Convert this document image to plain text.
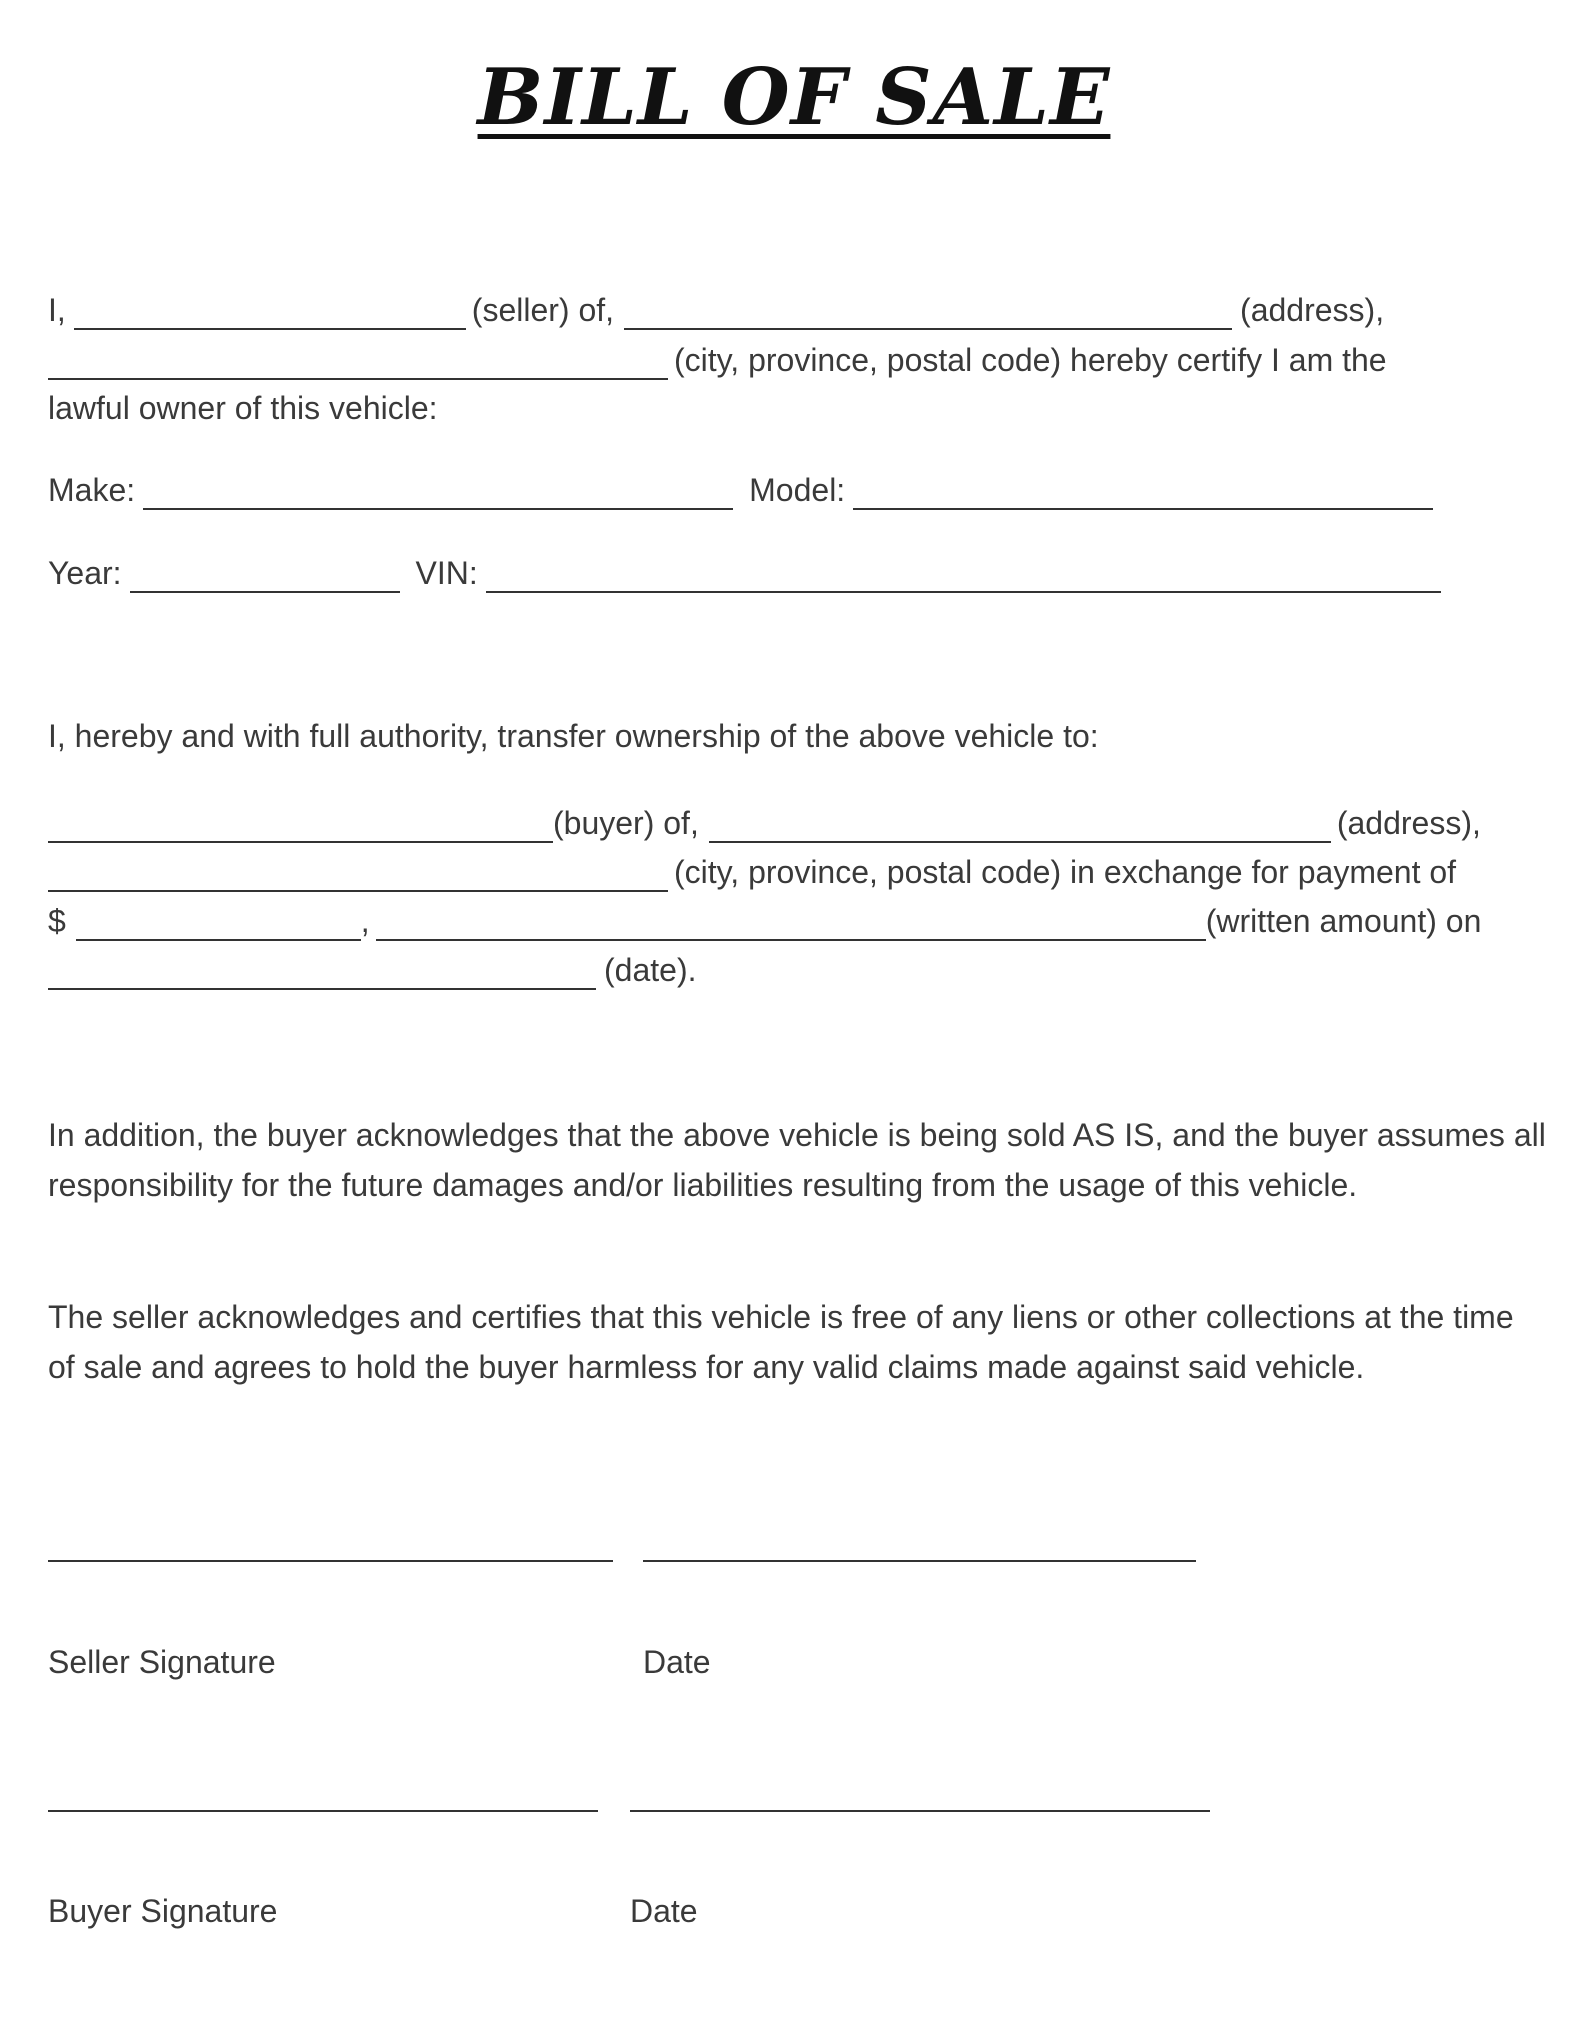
BILL OF SALE
I,	(seller) of,	(address),
(city, province, postal code) hereby certify I am the
lawful owner of this vehicle:
Make:	Model:
Year:	VIN:
I, hereby and with full authority, transfer ownership of the above vehicle to:
(buyer) of,	(address),
(city, province, postal code) in exchange for payment of
$	,	(written amount) on
(date).
In addition, the buyer acknowledges that the above vehicle is being sold AS IS, and the buyer assumes all responsibility for the future damages and/or liabilities resulting from the usage of this vehicle.
The seller acknowledges and certifies that this vehicle is free of any liens or other collections at the time of sale and agrees to hold the buyer harmless for any valid claims made against said vehicle.
Seller Signature	Date
Buyer Signature	Date
